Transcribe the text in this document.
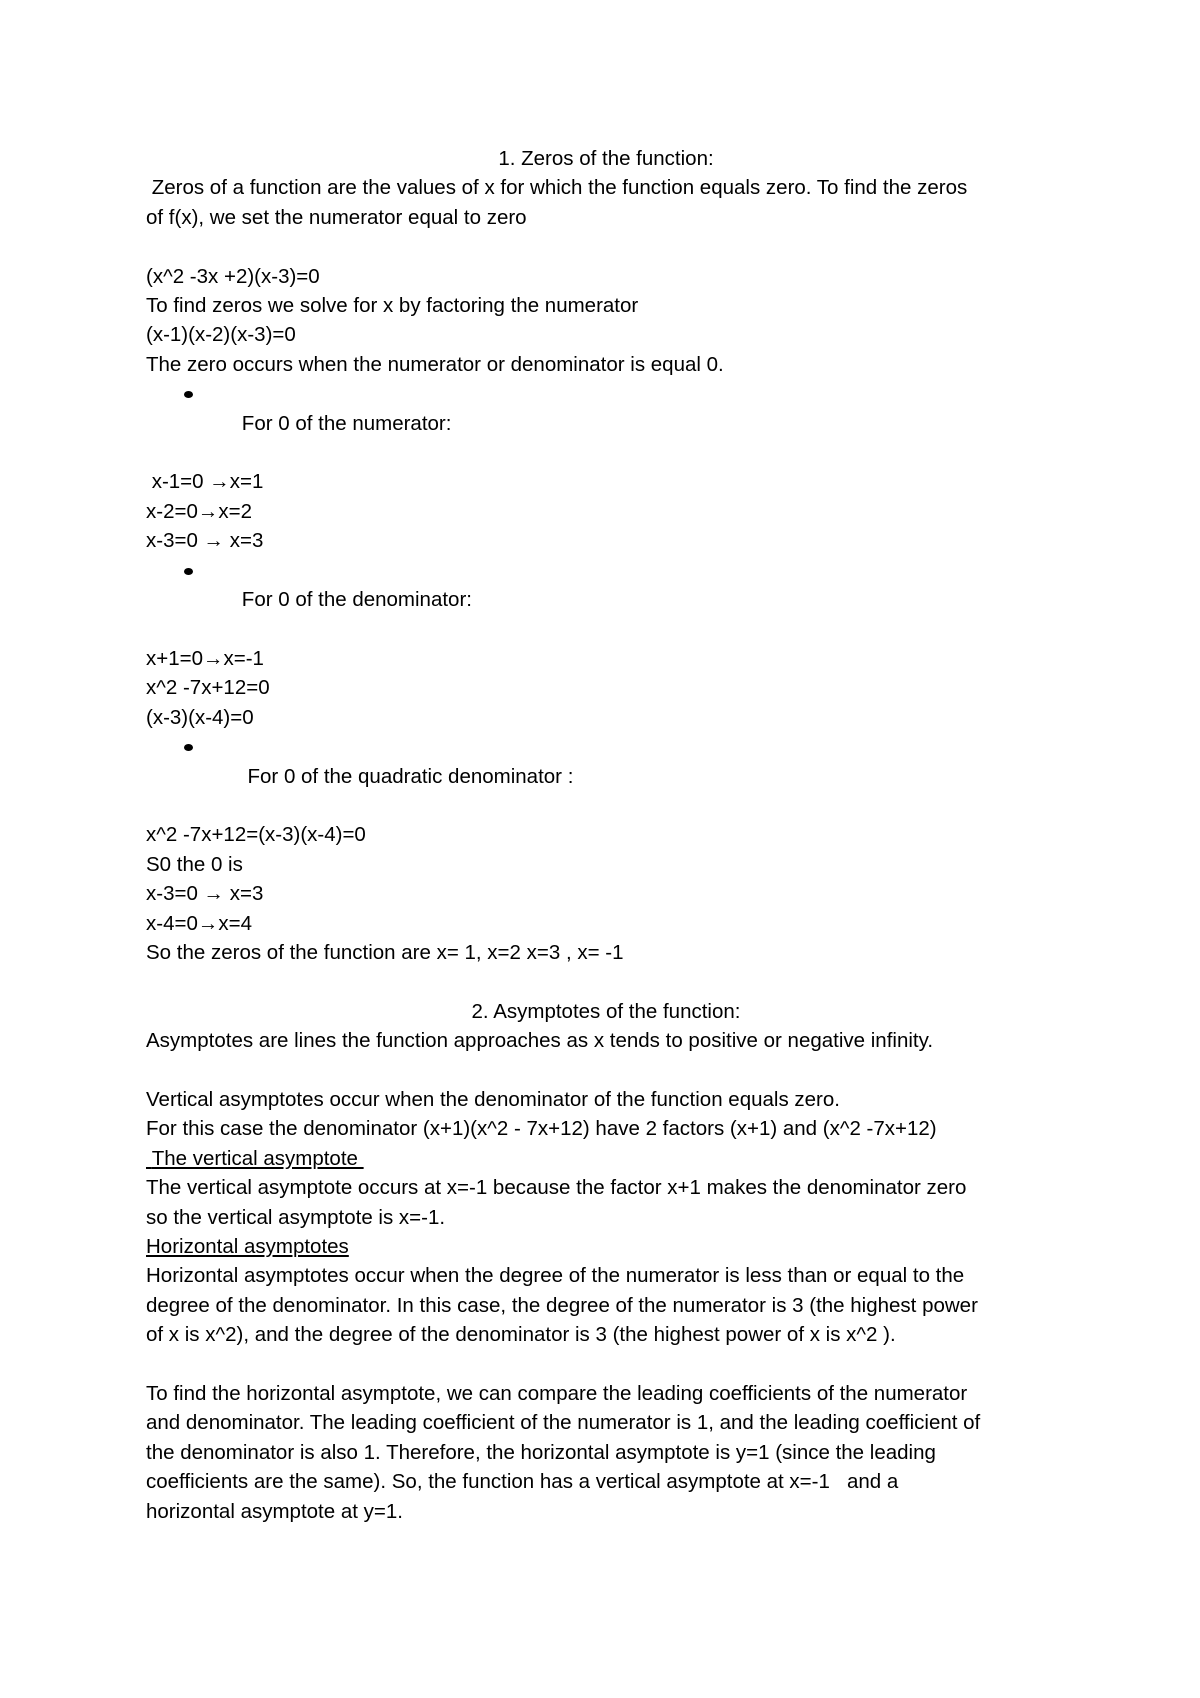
1. Zeros of the function:
Zeros of a function are the values of x for which the function equals zero. To find the zeros
of f(x), we set the numerator equal to zero
(x^2 -3x +2)(x-3)=0
To find zeros we solve for x by factoring the numerator
(x-1)(x-2)(x-3)=0
The zero occurs when the numerator or denominator is equal 0.

For 0 of the numerator:

x-1=0 →x=1
x-2=0→x=2
x-3=0 → x=3

For 0 of the denominator:

x+1=0→x=-1
x^2 -7x+12=0
(x-3)(x-4)=0

For 0 of the quadratic denominator :

x^2 -7x+12=(x-3)(x-4)=0
S0 the 0 is
x-3=0 → x=3
x-4=0→x=4
So the zeros of the function are x= 1, x=2 x=3 , x= -1
2. Asymptotes of the function:
Asymptotes are lines the function approaches as x tends to positive or negative infinity.
Vertical asymptotes occur when the denominator of the function equals zero.
For this case the denominator (x+1)(x^2 - 7x+12) have 2 factors (x+1) and (x^2 -7x+12)
The vertical asymptote
The vertical asymptote occurs at x=-1 because the factor x+1 makes the denominator zero
so the vertical asymptote is x=-1.
Horizontal asymptotes
Horizontal asymptotes occur when the degree of the numerator is less than or equal to the
degree of the denominator. In this case, the degree of the numerator is 3 (the highest power
of x is x^2), and the degree of the denominator is 3 (the highest power of x is x^2 ).
To find the horizontal asymptote, we can compare the leading coefficients of the numerator
and denominator. The leading coefficient of the numerator is 1, and the leading coefficient of
the denominator is also 1. Therefore, the horizontal asymptote is y=1 (since the leading
coefficients are the same). So, the function has a vertical asymptote at x=-1   and a
horizontal asymptote at y=1.
